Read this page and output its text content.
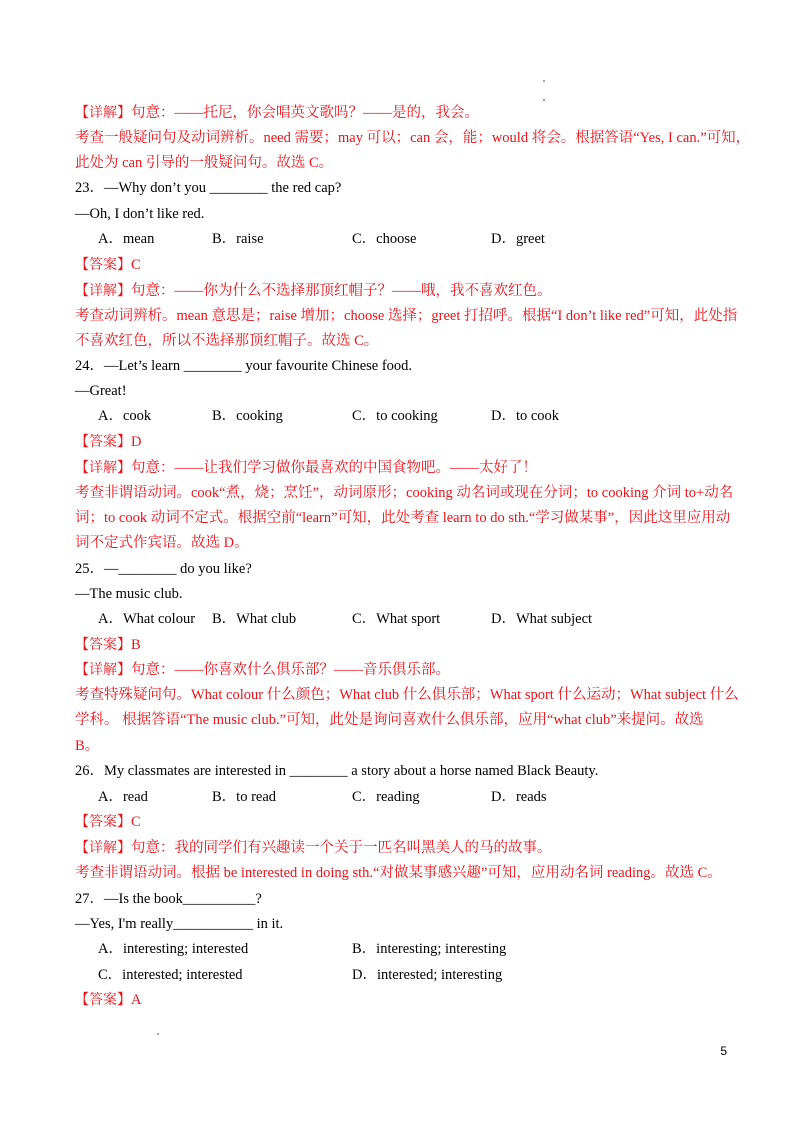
【详解】句意：——托尼，你会唱英文歌吗？——是的，我会。
考查一般疑问句及动词辨析。need 需要；may 可以；can 会，能；would 将会。根据答语“Yes, I can.”可知，
此处为 can 引导的一般疑问句。故选 C。
23．—Why don’t you ________ the red cap?
—Oh, I don’t like red.
A．mean	B．raise	C．choose	D．greet
【答案】C
【详解】句意：——你为什么不选择那顶红帽子？——哦，我不喜欢红色。
考查动词辨析。mean 意思是；raise 增加；choose 选择；greet 打招呼。根据“I don’t like red”可知，此处指
不喜欢红色，所以不选择那顶红帽子。故选 C。
24．—Let’s learn ________ your favourite Chinese food.
—Great!
A．cook	B．cooking	C．to cooking	D．to cook
【答案】D
【详解】句意：——让我们学习做你最喜欢的中国食物吧。——太好了！
考查非谓语动词。cook“煮，烧；烹饪”，动词原形；cooking 动名词或现在分词；to cooking 介词 to+动名
词；to cook 动词不定式。根据空前“learn”可知，此处考查 learn to do sth.“学习做某事”，因此这里应用动
词不定式作宾语。故选 D。
25．—________ do you like?
—The music club.
A．What colour B．What club	C．What sport	D．What subject
【答案】B
【详解】句意：——你喜欢什么俱乐部？——音乐俱乐部。
考查特殊疑问句。What colour 什么颜色；What club 什么俱乐部；What sport 什么运动；What subject 什么
学科。 根据答语“The music club.”可知，此处是询问喜欢什么俱乐部，应用“what club”来提问。故选
B。
26．My classmates are interested in ________ a story about a horse named Black Beauty.
A．read	B．to read	C．reading	D．reads
【答案】C
【详解】句意：我的同学们有兴趣读一个关于一匹名叫黑美人的马的故事。
考查非谓语动词。根据 be interested in doing sth.“对做某事感兴趣”可知，应用动名词 reading。故选 C。
27．—Is the book__________?
—Yes, I'm really___________ in it.
A．interesting; interested	B．interesting; interesting
C．interested; interested	D．interested; interesting
【答案】A
5
